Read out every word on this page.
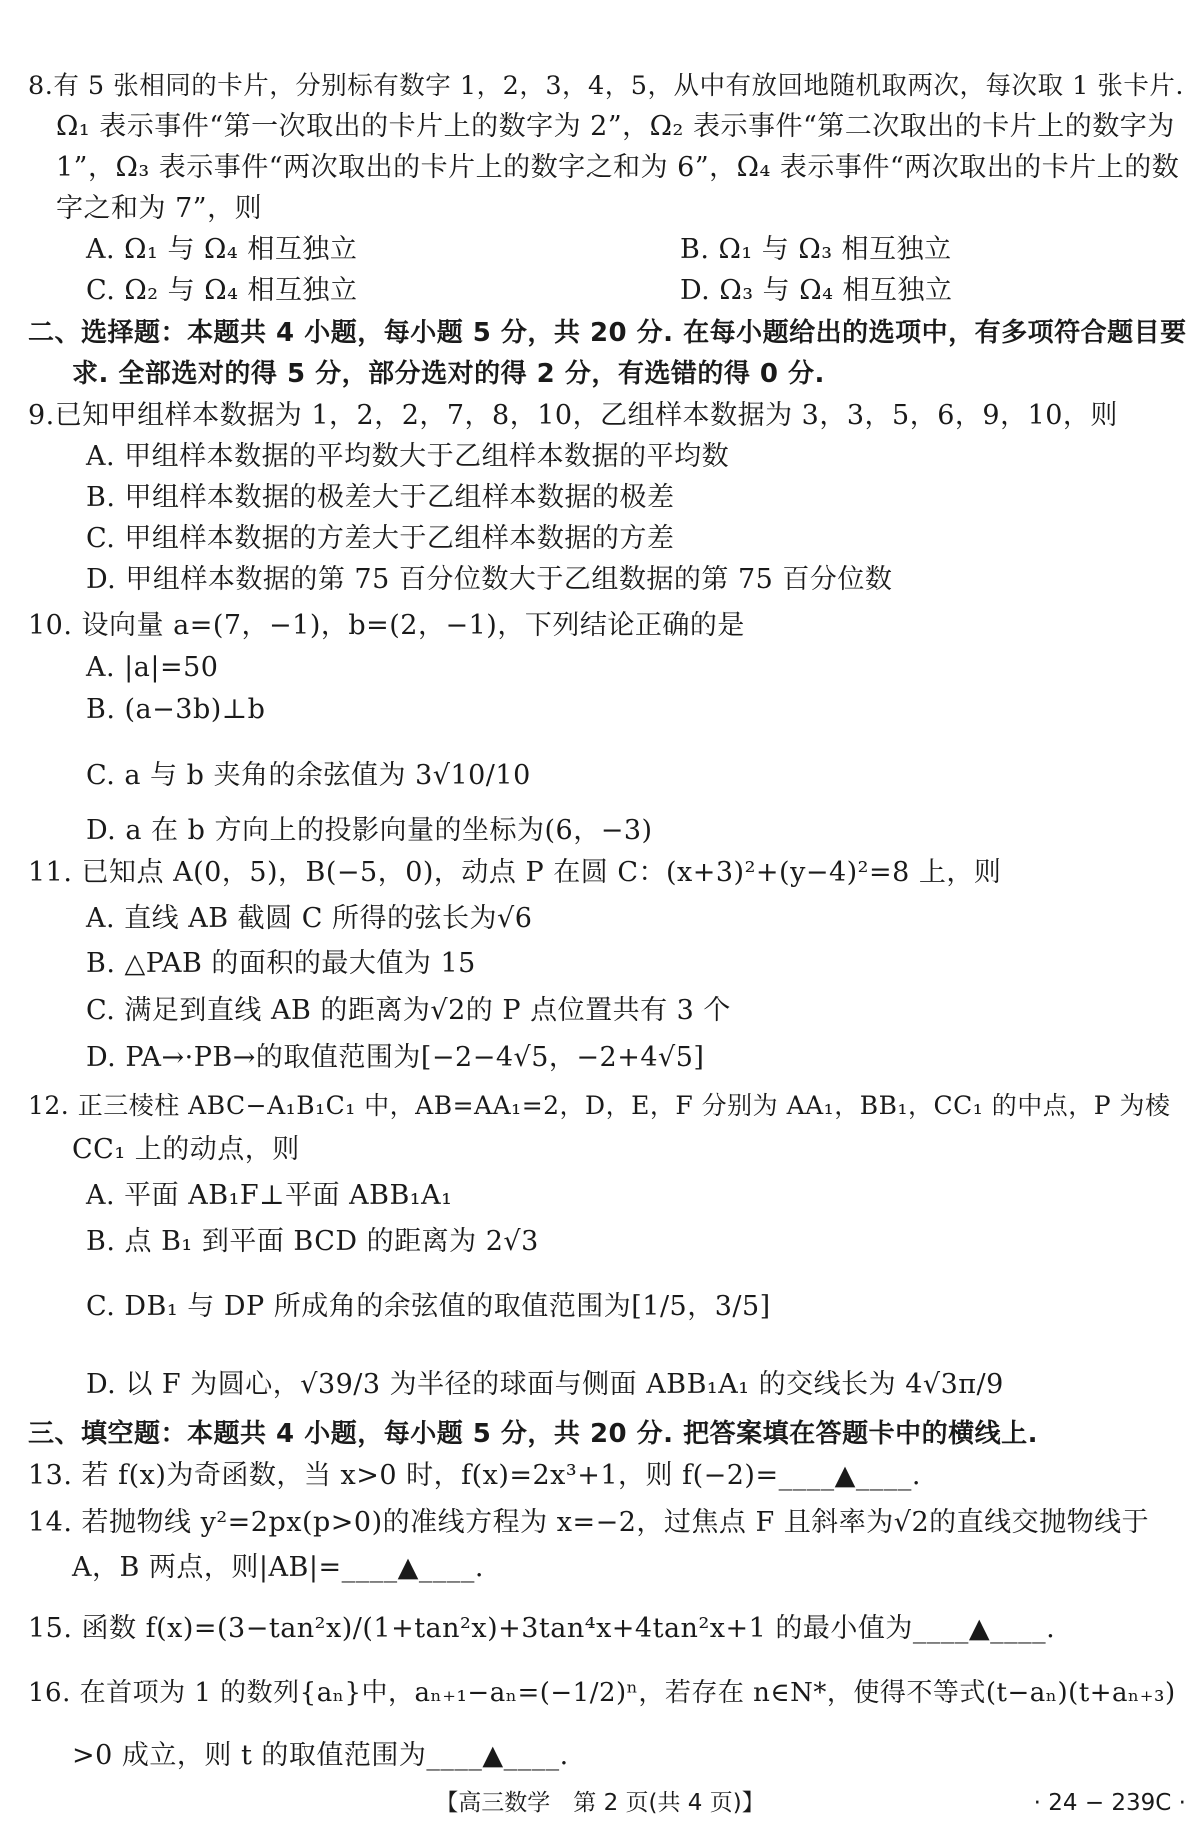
8.有 5 张相同的卡片，分别标有数字 1，2，3，4，5，从中有放回地随机取两次，每次取 1 张卡片.
Ω₁ 表示事件“第一次取出的卡片上的数字为 2”，Ω₂ 表示事件“第二次取出的卡片上的数字为
1”，Ω₃ 表示事件“两次取出的卡片上的数字之和为 6”，Ω₄ 表示事件“两次取出的卡片上的数
字之和为 7”，则
A. Ω₁ 与 Ω₄ 相互独立	B. Ω₁ 与 Ω₃ 相互独立
C. Ω₂ 与 Ω₄ 相互独立	D. Ω₃ 与 Ω₄ 相互独立
二、选择题：本题共 4 小题，每小题 5 分，共 20 分. 在每小题给出的选项中，有多项符合题目要
求. 全部选对的得 5 分，部分选对的得 2 分，有选错的得 0 分.
9.已知甲组样本数据为 1，2，2，7，8，10，乙组样本数据为 3，3，5，6，9，10，则
A. 甲组样本数据的平均数大于乙组样本数据的平均数
B. 甲组样本数据的极差大于乙组样本数据的极差
C. 甲组样本数据的方差大于乙组样本数据的方差
D. 甲组样本数据的第 75 百分位数大于乙组数据的第 75 百分位数
10. 设向量 a=(7，−1)，b=(2，−1)，下列结论正确的是
A. |a|=50
B. (a−3b)⊥b
C. a 与 b 夹角的余弦值为 3√10/10
D. a 在 b 方向上的投影向量的坐标为(6，−3)
11. 已知点 A(0，5)，B(−5，0)，动点 P 在圆 C：(x+3)²+(y−4)²=8 上，则
A. 直线 AB 截圆 C 所得的弦长为√6
B. △PAB 的面积的最大值为 15
C. 满足到直线 AB 的距离为√2的 P 点位置共有 3 个
D. PA→·PB→的取值范围为[−2−4√5，−2+4√5]
12. 正三棱柱 ABC−A₁B₁C₁ 中，AB=AA₁=2，D，E，F 分别为 AA₁，BB₁，CC₁ 的中点，P 为棱
CC₁ 上的动点，则
A. 平面 AB₁F⊥平面 ABB₁A₁
B. 点 B₁ 到平面 BCD 的距离为 2√3
C. DB₁ 与 DP 所成角的余弦值的取值范围为[1/5，3/5]
D. 以 F 为圆心，√39/3 为半径的球面与侧面 ABB₁A₁ 的交线长为 4√3π/9
三、填空题：本题共 4 小题，每小题 5 分，共 20 分. 把答案填在答题卡中的横线上.
13. 若 f(x)为奇函数，当 x>0 时，f(x)=2x³+1，则 f(−2)=____▲____.
14. 若抛物线 y²=2px(p>0)的准线方程为 x=−2，过焦点 F 且斜率为√2的直线交抛物线于
A，B 两点，则|AB|=____▲____.
15. 函数 f(x)=(3−tan²x)/(1+tan²x)+3tan⁴x+4tan²x+1 的最小值为____▲____.
16. 在首项为 1 的数列{aₙ}中，aₙ₊₁−aₙ=(−1/2)ⁿ，若存在 n∈N*，使得不等式(t−aₙ)(t+aₙ₊₃)
>0 成立，则 t 的取值范围为____▲____.
【高三数学　第 2 页(共 4 页)】	· 24 − 239C ·
